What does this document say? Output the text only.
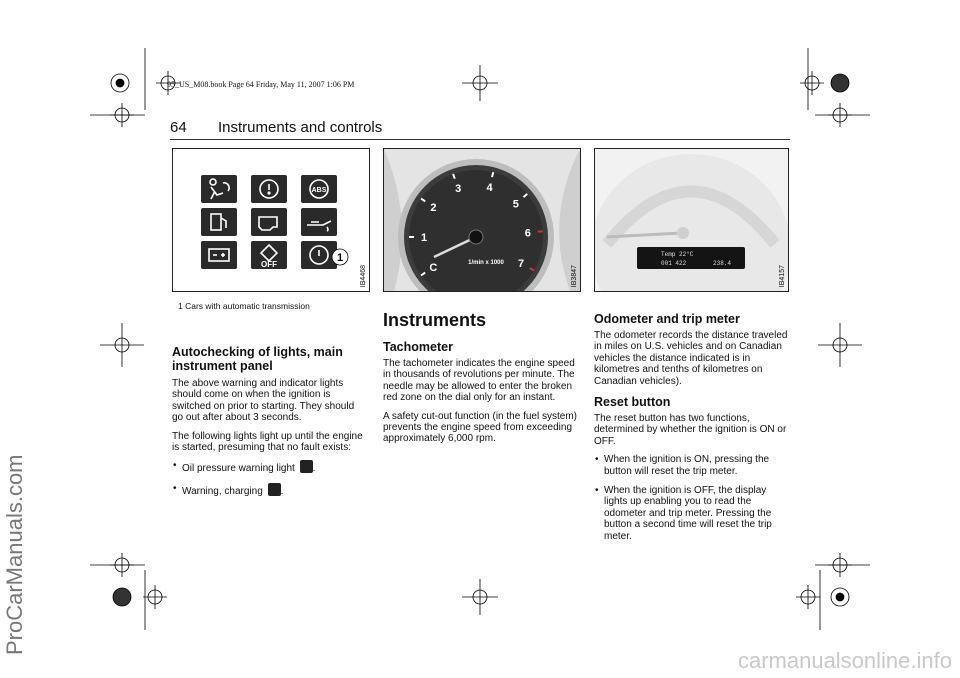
95_US_M08.book Page 64 Friday, May 11, 2007 1:06 PM
64 Instruments and controls
ABS
OFF
1
IB4468
1 Cars with automatic transmission
C
1
2
3 4
5
6
7
1/min x 1000
IB3847
Temp 22°C
001 422	238.4
IB4157
Autochecking of lights, main instrument panel

The above warning and indicator lights should come on when the ignition is switched on prior to starting. They should go out after about 3 seconds.

The following lights light up until the engine is started, presuming that no fault exists:

• Oil pressure warning light .
• Warning, charging .
Instruments
Tachometer

The tachometer indicates the engine speed in thousands of revolutions per minute. The needle may be allowed to enter the broken red zone on the dial only for an instant.

A safety cut-out function (in the fuel system) prevents the engine speed from exceeding approximately 6,000 rpm.

Odometer and trip meter

The odometer records the distance traveled in miles on U.S. vehicles and on Canadian vehicles the distance indicated is in kilometres and tenths of kilometres on Canadian vehicles).

Reset button

The reset button has two functions, determined by whether the ignition is ON or OFF.

• When the ignition is ON, pressing the button will reset the trip meter.
• When the ignition is OFF, the display lights up enabling you to read the odometer and trip meter. Pressing the button a second time will reset the trip meter.
ProCarManuals.com
carmanualsonline.info
